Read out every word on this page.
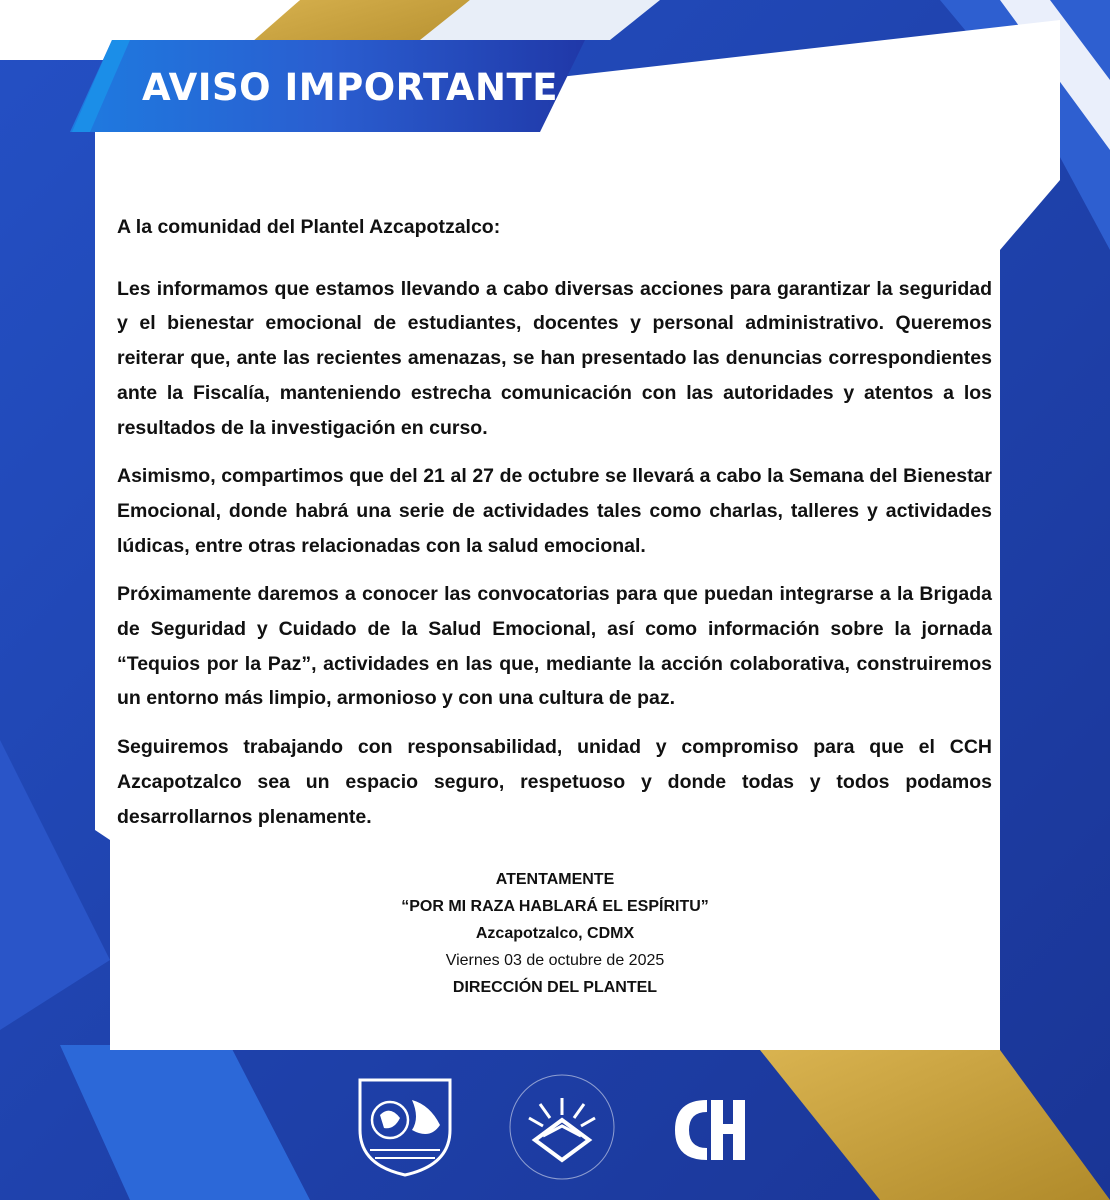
AVISO IMPORTANTE

A la comunidad del Plantel Azcapotzalco:

Les informamos que estamos llevando a cabo diversas acciones para garantizar la seguridad y el bienestar emocional de estudiantes, docentes y personal administrativo. Queremos reiterar que, ante las recientes amenazas, se han presentado las denuncias correspondientes ante la Fiscalía, manteniendo estrecha comunicación con las autoridades y atentos a los resultados de la investigación en curso.

Asimismo, compartimos que del 21 al 27 de octubre se llevará a cabo la Semana del Bienestar Emocional, donde habrá una serie de actividades tales como charlas, talleres y actividades lúdicas, entre otras relacionadas con la salud emocional.

Próximamente daremos a conocer las convocatorias para que puedan integrarse a la Brigada de Seguridad y Cuidado de la Salud Emocional, así como información sobre la jornada “Tequios por la Paz”, actividades en las que, mediante la acción colaborativa, construiremos un entorno más limpio, armonioso y con una cultura de paz.

Seguiremos trabajando con responsabilidad, unidad y compromiso para que el CCH Azcapotzalco sea un espacio seguro, respetuoso y donde todas y todos podamos desarrollarnos plenamente.

ATENTAMENTE
“POR MI RAZA HABLARÁ EL ESPÍRITU”
Azcapotzalco, CDMX
Viernes 03 de octubre de 2025
DIRECCIÓN DEL PLANTEL
